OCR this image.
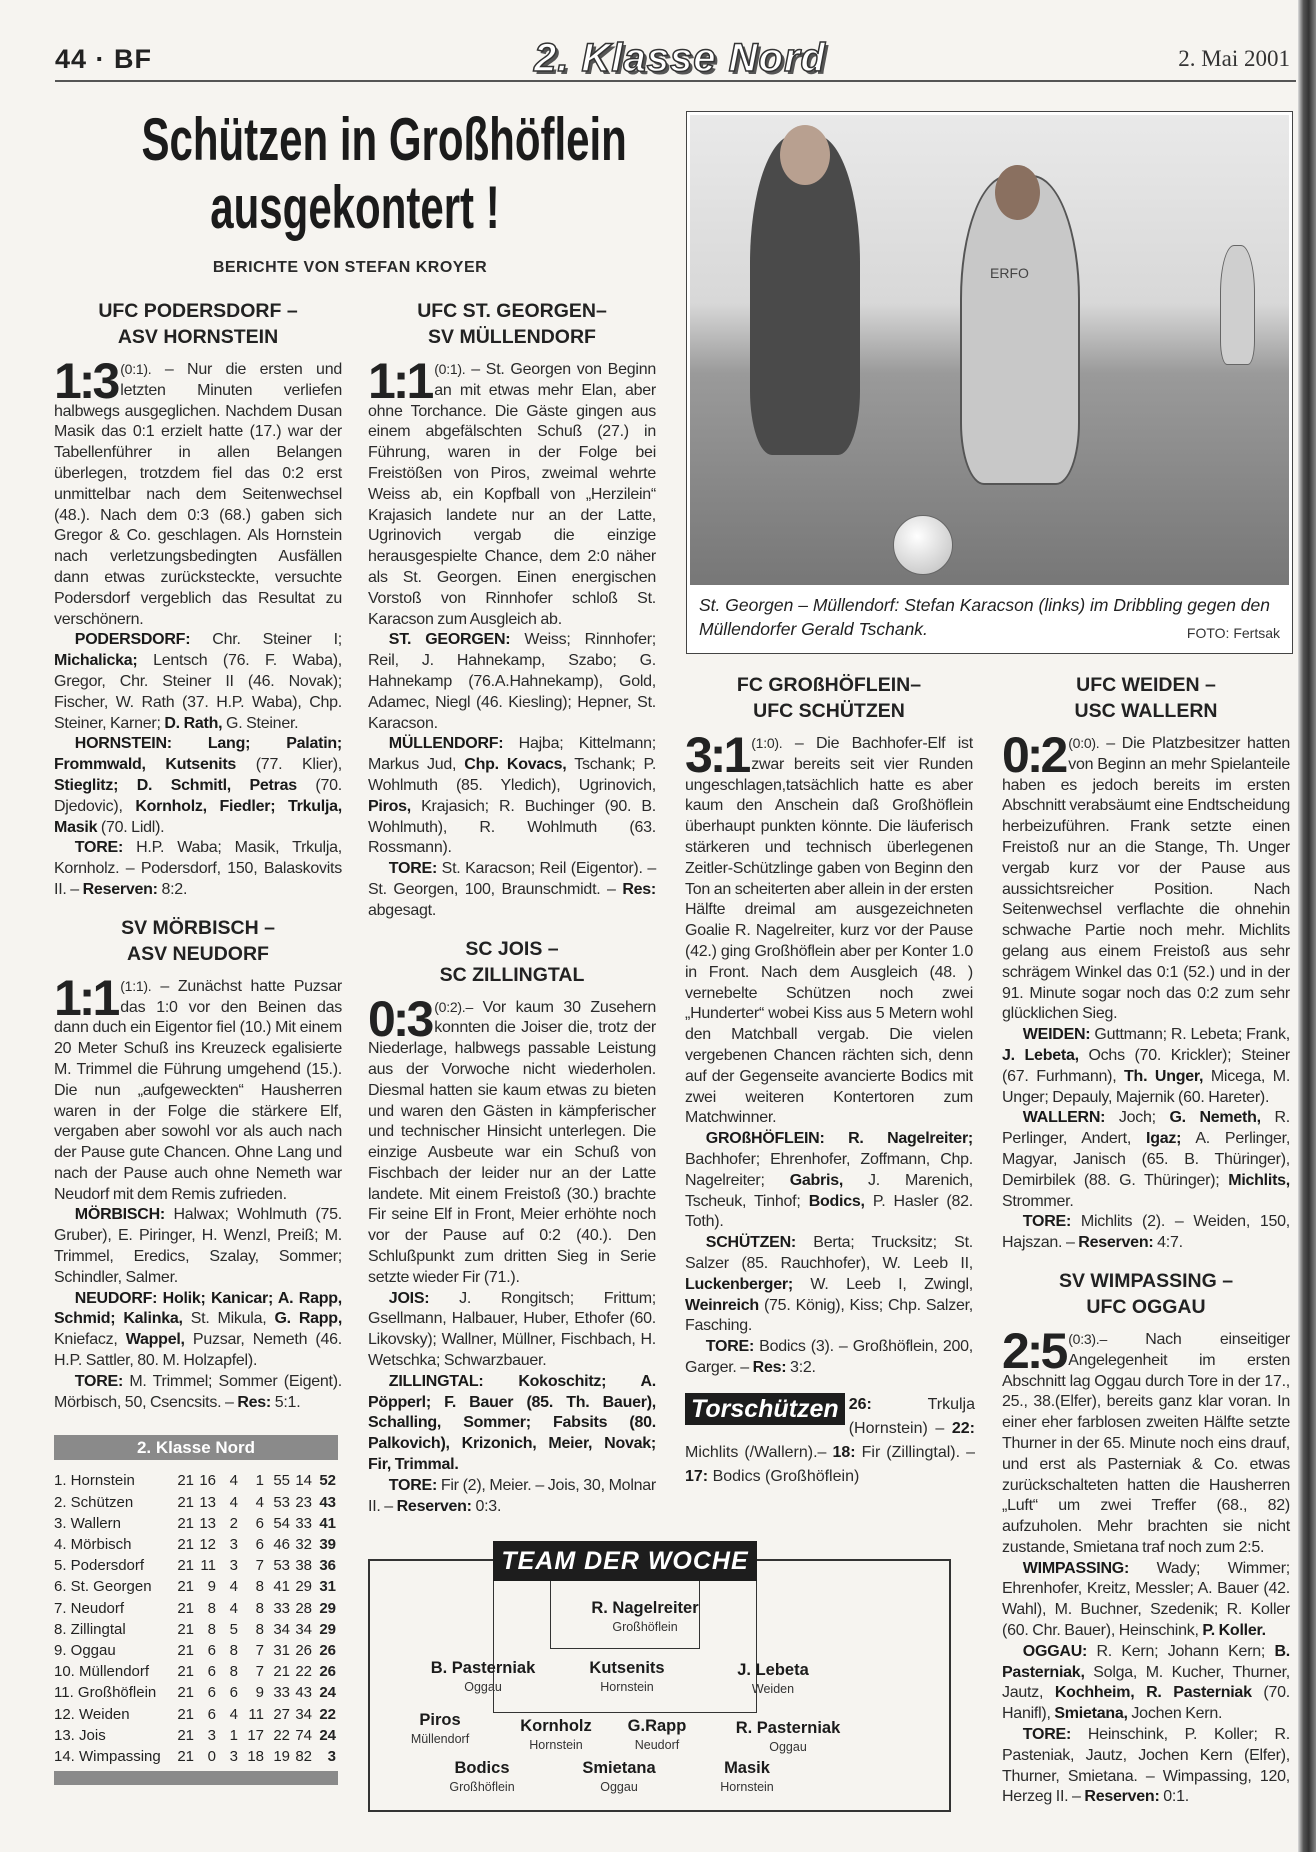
44 · BF	2. Klasse Nord	2. Mai 2001
Schützen in Großhöflein
ausgekontert !
BERICHTE VON STEFAN KROYER
UFC PODERSDORF –
ASV HORNSTEIN

1:3 (0:1). – Nur die ersten und letzten Minuten verliefen halbwegs ausgeglichen. Nachdem Dusan Masik das 0:1 erzielt hatte (17.) war der Tabellenführer in allen Belangen überlegen, trotzdem fiel das 0:2 erst unmittelbar nach dem Seitenwechsel (48.). Nach dem 0:3 (68.) gaben sich Gregor & Co. geschlagen. Als Hornstein nach verletzungsbedingten Ausfällen dann etwas zurücksteckte, versuchte Podersdorf vergeblich das Resultat zu verschönern.

PODERSDORF: Chr. Steiner I; Michalicka; Lentsch (76. F. Waba), Gregor, Chr. Steiner II (46. Novak); Fischer, W. Rath (37. H.P. Waba), Chp. Steiner, Karner; D. Rath, G. Steiner.

HORNSTEIN: Lang; Palatin; Frommwald, Kutsenits (77. Klier), Stieglitz; D. Schmitl, Petras (70. Djedovic), Kornholz, Fiedler; Trkulja, Masik (70. Lidl).

TORE: H.P. Waba; Masik, Trkulja, Kornholz. – Podersdorf, 150, Balaskovits II. – Reserven: 8:2.

SV MÖRBISCH –
ASV NEUDORF

1:1 (1:1). – Zunächst hatte Puzsar das 1:0 vor den Beinen das dann duch ein Eigentor fiel (10.) Mit einem 20 Meter Schuß ins Kreuzeck egalisierte M. Trimmel die Führung umgehend (15.). Die nun „aufgeweckten“ Hausherren waren in der Folge die stärkere Elf, vergaben aber sowohl vor als auch nach der Pause gute Chancen. Ohne Lang und nach der Pause auch ohne Nemeth war Neudorf mit dem Remis zufrieden.

MÖRBISCH: Halwax; Wohlmuth (75. Gruber), E. Piringer, H. Wenzl, Preiß; M. Trimmel, Eredics, Szalay, Sommer; Schindler, Salmer.

NEUDORF: Holik; Kanicar; A. Rapp, Schmid; Kalinka, St. Mikula, G. Rapp, Kniefacz, Wappel, Puzsar, Nemeth (46. H.P. Sattler, 80. M. Holzapfel).

TORE: M. Trimmel; Sommer (Eigent). Mörbisch, 50, Csencsits. – Res: 5:1.

2. Klasse Nord
1. Hornstein	21 16 4	1 55 14 52
2. Schützen	21 13 4	4 53 23 43
3. Wallern	21 13 2	6 54 33 41
4. Mörbisch	21 12 3	6 46 32 39
5. Podersdorf	21 11 3	7 53 38 36
6. St. Georgen	21 9 4	8 41 29 31
7. Neudorf	21 8 4	8 33 28 29
8. Zillingtal	21 8 5	8 34 34 29
9. Oggau	21 6 8	7 31 26 26
10. Müllendorf	21 6 8	7 21 22 26
11. Großhöflein	21 6 6	9 33 43 24
12. Weiden	21 6 4 11 27 34 22
13. Jois	21 3 1 17 22 74 24
14. Wimpassing	21 0 3 18 19 82	3
UFC ST. GEORGEN–
SV MÜLLENDORF

1:1 (0:1). – St. Georgen von Beginn an mit etwas mehr Elan, aber ohne Torchance. Die Gäste gingen aus einem abgefälschten Schuß (27.) in Führung, waren in der Folge bei Freistößen von Piros, zweimal wehrte Weiss ab, ein Kopfball von „Herzilein“ Krajasich landete nur an der Latte, Ugrinovich vergab die einzige herausgespielte Chance, dem 2:0 näher als St. Georgen. Einen energischen Vorstoß von Rinnhofer schloß St. Karacson zum Ausgleich ab.

ST. GEORGEN: Weiss; Rinnhofer; Reil, J. Hahnekamp, Szabo; G. Hahnekamp (76.A.Hahnekamp), Gold, Adamec, Niegl (46. Kiesling); Hepner, St. Karacson.

MÜLLENDORF: Hajba; Kittelmann; Markus Jud, Chp. Kovacs, Tschank; P. Wohlmuth (85. Yledich), Ugrinovich, Piros, Krajasich; R. Buchinger (90. B. Wohlmuth), R. Wohlmuth (63. Rossmann).

TORE: St. Karacson; Reil (Eigentor). – St. Georgen, 100, Braunschmidt. – Res: abgesagt.

SC JOIS –
SC ZILLINGTAL

0:3 (0:2).– Vor kaum 30 Zusehern konnten die Joiser die, trotz der Niederlage, halbwegs passable Leistung aus der Vorwoche nicht wiederholen. Diesmal hatten sie kaum etwas zu bieten und waren den Gästen in kämpferischer und technischer Hinsicht unterlegen. Die einzige Ausbeute war ein Schuß von Fischbach der leider nur an der Latte landete. Mit einem Freistoß (30.) brachte Fir seine Elf in Front, Meier erhöhte noch vor der Pause auf 0:2 (40.). Den Schlußpunkt zum dritten Sieg in Serie setzte wieder Fir (71.).

JOIS: J. Rongitsch; Frittum; Gsellmann, Halbauer, Huber, Ethofer (60. Likovsky); Wallner, Müllner, Fischbach, H. Wetschka; Schwarzbauer.

ZILLINGTAL: Kokoschitz; A. Pöpperl; F. Bauer (85. Th. Bauer), Schalling, Sommer; Fabsits (80. Palkovich), Krizonich, Meier, Novak; Fir, Trimmal.

TORE: Fir (2), Meier. – Jois, 30, Molnar II. – Reserven: 0:3.

FC GROßHÖFLEIN–
UFC SCHÜTZEN

3:1 (1:0). – Die Bachhofer-Elf ist zwar bereits seit vier Runden ungeschlagen,tatsächlich hatte es aber kaum den Anschein daß Großhöflein überhaupt punkten könnte. Die läuferisch stärkeren und technisch überlegenen Zeitler-Schützlinge gaben von Beginn den Ton an scheiterten aber allein in der ersten Hälfte dreimal am ausgezeichneten Goalie R. Nagelreiter, kurz vor der Pause (42.) ging Großhöflein aber per Konter 1.0 in Front. Nach dem Ausgleich (48. ) vernebelte Schützen noch zwei „Hunderter“ wobei Kiss aus 5 Metern wohl den Matchball vergab. Die vielen vergebenen Chancen rächten sich, denn auf der Gegenseite avancierte Bodics mit zwei weiteren Kontertoren zum Matchwinner.

GROßHÖFLEIN: R. Nagelreiter; Bachhofer; Ehrenhofer, Zoffmann, Chp. Nagelreiter; Gabris, J. Marenich, Tscheuk, Tinhof; Bodics, P. Hasler (82. Toth).

SCHÜTZEN: Berta; Trucksitz; St. Salzer (85. Rauchhofer), W. Leeb II, Luckenberger; W. Leeb I, Zwingl, Weinreich (75. König), Kiss; Chp. Salzer, Fasching.

TORE: Bodics (3). – Großhöflein, 200, Garger. – Res: 3:2.

Torschützen 26: Trkulja (Hornstein) – 22: Michlits (/Wallern).– 18: Fir (Zillingtal). – 17: Bodics (Großhöflein)
UFC WEIDEN –
USC WALLERN

0:2 (0:0). – Die Platzbesitzer hatten von Beginn an mehr Spielanteile haben es jedoch bereits im ersten Abschnitt verabsäumt eine Endtscheidung herbeizuführen. Frank setzte einen Freistoß nur an die Stange, Th. Unger vergab kurz vor der Pause aus aussichtsreicher Position. Nach Seitenwechsel verflachte die ohnehin schwache Partie noch mehr. Michlits gelang aus einem Freistoß aus sehr schrägem Winkel das 0:1 (52.) und in der 91. Minute sogar noch das 0:2 zum sehr glücklichen Sieg.

WEIDEN: Guttmann; R. Lebeta; Frank, J. Lebeta, Ochs (70. Krickler); Steiner (67. Furhmann), Th. Unger, Micega, M. Unger; Depauly, Majernik (60. Hareter).

WALLERN: Joch; G. Nemeth, R. Perlinger, Andert, Igaz; A. Perlinger, Magyar, Janisch (65. B. Thüringer), Demirbilek (88. G. Thüringer); Michlits, Strommer.

TORE: Michlits (2). – Weiden, 150, Hajszan. – Reserven: 4:7.

SV WIMPASSING –
UFC OGGAU

2:5 (0:3).– Nach einseitiger Angelegenheit im ersten Abschnitt lag Oggau durch Tore in der 17., 25., 38.(Elfer), bereits ganz klar voran. In einer eher farblosen zweiten Hälfte setzte Thurner in der 65. Minute noch eins drauf, und erst als Pasterniak & Co. etwas zurückschalteten hatten die Hausherren „Luft“ um zwei Treffer (68., 82) aufzuholen. Mehr brachten sie nicht zustande, Smietana traf noch zum 2:5.

WIMPASSING: Wady; Wimmer; Ehrenhofer, Kreitz, Messler; A. Bauer (42. Wahl), M. Buchner, Szedenik; R. Koller (60. Chr. Bauer), Heinschink, P. Koller.

OGGAU: R. Kern; Johann Kern; B. Pasterniak, Solga, M. Kucher, Thurner, Jautz, Kochheim, R. Pasterniak (70. Hanifl), Smietana, Jochen Kern.

TORE: Heinschink, P. Koller; R. Pasteniak, Jautz, Jochen Kern (Elfer), Thurner, Smietana. – Wimpassing, 120, Herzeg II. – Reserven: 0:1.

ERFO
St. Georgen – Müllendorf: Stefan Karacson (links) im Dribbling gegen den Müllendorfer Gerald Tschank.	FOTO: Fertsak
TEAM DER WOCHE
R. Nagelreiter
Großhöflein
B. Pasterniak
Oggau
Kutsenits
Hornstein
J. Lebeta
Weiden
Piros
Müllendorf
Kornholz
Hornstein
G.Rapp
Neudorf
R. Pasterniak
Oggau
Bodics
Großhöflein
Smietana
Oggau
Masik
Hornstein
